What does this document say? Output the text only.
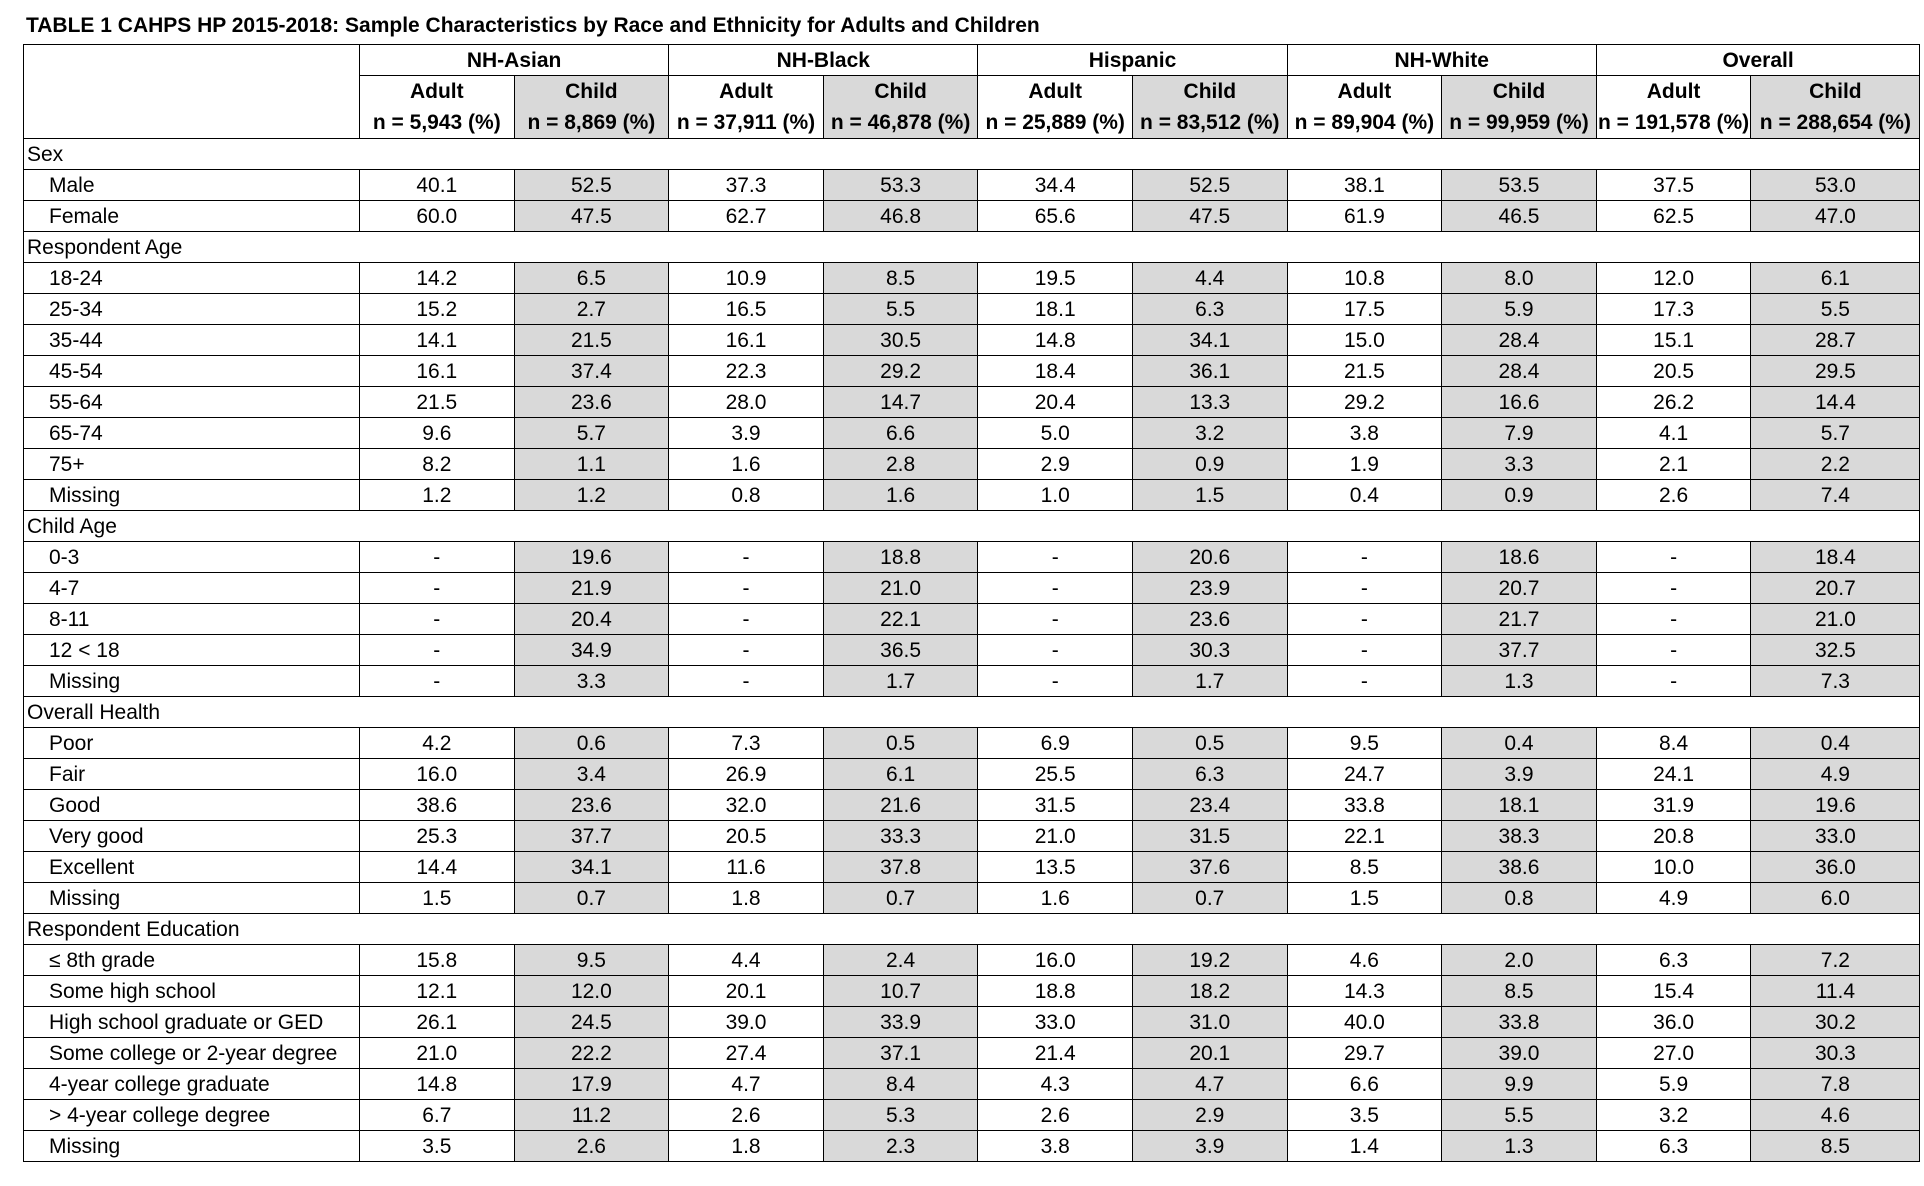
TABLE 1 CAHPS HP 2015-2018: Sample Characteristics by Race and Ethnicity for Adults and Children
	NH-Asian		NH-Black		Hispanic		NH-White		Overall	
	Adult	Child	Adult	Child	Adult	Child	Adult	Child	Adult	Child
	n = 5,943 (%)	n = 8,869 (%)	n = 37,911 (%)	n = 46,878 (%)	n = 25,889 (%)	n = 83,512 (%)	n = 89,904 (%)	n = 99,959 (%)	n = 191,578 (%)	n = 288,654 (%)
Sex										
Male	40.1	52.5	37.3	53.3	34.4	52.5	38.1	53.5	37.5	53.0
Female	60.0	47.5	62.7	46.8	65.6	47.5	61.9	46.5	62.5	47.0
Respondent Age										
18-24	14.2	6.5	10.9	8.5	19.5	4.4	10.8	8.0	12.0	6.1
25-34	15.2	2.7	16.5	5.5	18.1	6.3	17.5	5.9	17.3	5.5
35-44	14.1	21.5	16.1	30.5	14.8	34.1	15.0	28.4	15.1	28.7
45-54	16.1	37.4	22.3	29.2	18.4	36.1	21.5	28.4	20.5	29.5
55-64	21.5	23.6	28.0	14.7	20.4	13.3	29.2	16.6	26.2	14.4
65-74	9.6	5.7	3.9	6.6	5.0	3.2	3.8	7.9	4.1	5.7
75+	8.2	1.1	1.6	2.8	2.9	0.9	1.9	3.3	2.1	2.2
Missing	1.2	1.2	0.8	1.6	1.0	1.5	0.4	0.9	2.6	7.4
Child Age										
0-3	-	19.6	-	18.8	-	20.6	-	18.6	-	18.4
4-7	-	21.9	-	21.0	-	23.9	-	20.7	-	20.7
8-11	-	20.4	-	22.1	-	23.6	-	21.7	-	21.0
12 < 18	-	34.9	-	36.5	-	30.3	-	37.7	-	32.5
Missing	-	3.3	-	1.7	-	1.7	-	1.3	-	7.3
Overall Health										
Poor	4.2	0.6	7.3	0.5	6.9	0.5	9.5	0.4	8.4	0.4
Fair	16.0	3.4	26.9	6.1	25.5	6.3	24.7	3.9	24.1	4.9
Good	38.6	23.6	32.0	21.6	31.5	23.4	33.8	18.1	31.9	19.6
Very good	25.3	37.7	20.5	33.3	21.0	31.5	22.1	38.3	20.8	33.0
Excellent	14.4	34.1	11.6	37.8	13.5	37.6	8.5	38.6	10.0	36.0
Missing	1.5	0.7	1.8	0.7	1.6	0.7	1.5	0.8	4.9	6.0
Respondent Education										
≤ 8th grade	15.8	9.5	4.4	2.4	16.0	19.2	4.6	2.0	6.3	7.2
Some high school	12.1	12.0	20.1	10.7	18.8	18.2	14.3	8.5	15.4	11.4
High school graduate or GED	26.1	24.5	39.0	33.9	33.0	31.0	40.0	33.8	36.0	30.2
Some college or 2-year degree	21.0	22.2	27.4	37.1	21.4	20.1	29.7	39.0	27.0	30.3
4-year college graduate	14.8	17.9	4.7	8.4	4.3	4.7	6.6	9.9	5.9	7.8
> 4-year college degree	6.7	11.2	2.6	5.3	2.6	2.9	3.5	5.5	3.2	4.6
Missing	3.5	2.6	1.8	2.3	3.8	3.9	1.4	1.3	6.3	8.5
